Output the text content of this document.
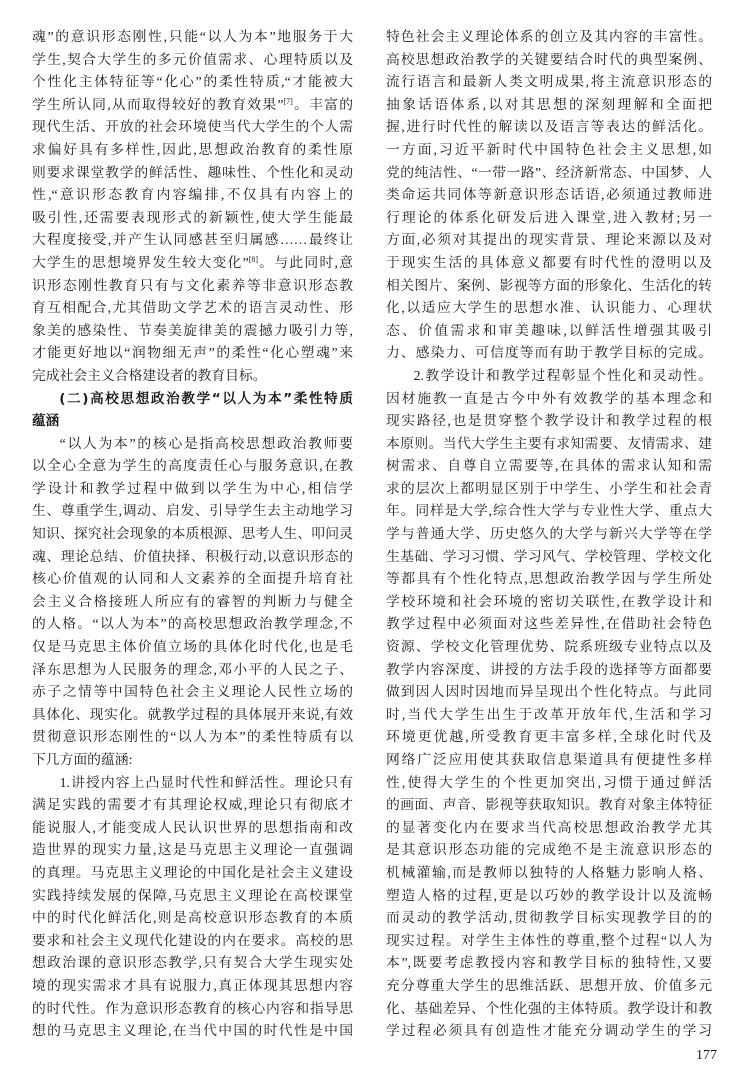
魂”的意识形态刚性,只能“以人为本”地服务于大
学生,契合大学生的多元价值需求、心理特质以及
个性化主体特征等“化心”的柔性特质,“才能被大
学生所认同,从而取得较好的教育效果”[7]。丰富的
现代生活、开放的社会环境使当代大学生的个人需
求偏好具有多样性,因此,思想政治教育的柔性原
则要求课堂教学的鲜活性、趣味性、个性化和灵动
性,“意识形态教育内容编排,不仅具有内容上的
吸引性,还需要表现形式的新颖性,使大学生能最
大程度接受,并产生认同感甚至归属感……最终让
大学生的思想境界发生较大变化”[8]。与此同时,意
识形态刚性教育只有与文化素养等非意识形态教
育互相配合,尤其借助文学艺术的语言灵动性、形
象美的感染性、节奏美旋律美的震撼力吸引力等,
才能更好地以“润物细无声”的柔性“化心塑魂”来
完成社会主义合格建设者的教育目标。
(二)高校思想政治教学“以人为本”柔性特质
蕴涵
“以人为本”的核心是指高校思想政治教师要
以全心全意为学生的高度责任心与服务意识,在教
学设计和教学过程中做到以学生为中心,相信学
生、尊重学生,调动、启发、引导学生去主动地学习
知识、探究社会现象的本质根源、思考人生、叩问灵
魂、理论总结、价值抉择、积极行动,以意识形态的
核心价值观的认同和人文素养的全面提升培育社
会主义合格接班人所应有的睿智的判断力与健全
的人格。“以人为本”的高校思想政治教学理念,不
仅是马克思主体价值立场的具体化时代化,也是毛
泽东思想为人民服务的理念,邓小平的人民之子、
赤子之情等中国特色社会主义理论人民性立场的
具体化、现实化。就教学过程的具体展开来说,有效
贯彻意识形态刚性的“以人为本”的柔性特质有以
下几方面的蕴涵:
1.讲授内容上凸显时代性和鲜活性。理论只有
满足实践的需要才有其理论权威,理论只有彻底才
能说服人,才能变成人民认识世界的思想指南和改
造世界的现实力量,这是马克思主义理论一直强调
的真理。马克思主义理论的中国化是社会主义建设
实践持续发展的保障,马克思主义理论在高校课堂
中的时代化鲜活化,则是高校意识形态教育的本质
要求和社会主义现代化建设的内在要求。高校的思
想政治课的意识形态教学,只有契合大学生现实处
境的现实需求才具有说服力,真正体现其思想内容
的时代性。作为意识形态教育的核心内容和指导思
想的马克思主义理论,在当代中国的时代性是中国
特色社会主义理论体系的创立及其内容的丰富性。
高校思想政治教学的关键要结合时代的典型案例、
流行语言和最新人类文明成果,将主流意识形态的
抽象话语体系,以对其思想的深刻理解和全面把
握,进行时代性的解读以及语言等表达的鲜活化。
一方面,习近平新时代中国特色社会主义思想,如
党的纯洁性、“一带一路”、经济新常态、中国梦、人
类命运共同体等新意识形态话语,必须通过教师进
行理论的体系化研发后进入课堂,进入教材;另一
方面,必须对其提出的现实背景、理论来源以及对
于现实生活的具体意义都要有时代性的澄明以及
相关图片、案例、影视等方面的形象化、生活化的转
化,以适应大学生的思想水准、认识能力、心理状
态、价值需求和审美趣味,以鲜活性增强其吸引
力、感染力、可信度等而有助于教学目标的完成。
2.教学设计和教学过程彰显个性化和灵动性。
因材施教一直是古今中外有效教学的基本理念和
现实路径,也是贯穿整个教学设计和教学过程的根
本原则。当代大学生主要有求知需要、友情需求、建
树需求、自尊自立需要等,在具体的需求认知和需
求的层次上都明显区别于中学生、小学生和社会青
年。同样是大学,综合性大学与专业性大学、重点大
学与普通大学、历史悠久的大学与新兴大学等在学
生基础、学习习惯、学习风气、学校管理、学校文化
等都具有个性化特点,思想政治教学因与学生所处
学校环境和社会环境的密切关联性,在教学设计和
教学过程中必须面对这些差异性,在借助社会特色
资源、学校文化管理优势、院系班级专业特点以及
教学内容深度、讲授的方法手段的选择等方面都要
做到因人因时因地而异呈现出个性化特点。与此同
时,当代大学生出生于改革开放年代,生活和学习
环境更优越,所受教育更丰富多样,全球化时代及
网络广泛应用使其获取信息渠道具有便捷性多样
性,使得大学生的个性更加突出,习惯于通过鲜活
的画面、声音、影视等获取知识。教育对象主体特征
的显著变化内在要求当代高校思想政治教学尤其
是其意识形态功能的完成绝不是主流意识形态的
机械灌输,而是教师以独特的人格魅力影响人格、
塑造人格的过程,更是以巧妙的教学设计以及流畅
而灵动的教学活动,贯彻教学目标实现教学目的的
现实过程。对学生主体性的尊重,整个过程“以人为
本”,既要考虑教授内容和教学目标的独特性,又要
充分尊重大学生的思维活跃、思想开放、价值多元
化、基础差异、个性化强的主体特质。教学设计和教
学过程必须具有创造性才能充分调动学生的学习
177
